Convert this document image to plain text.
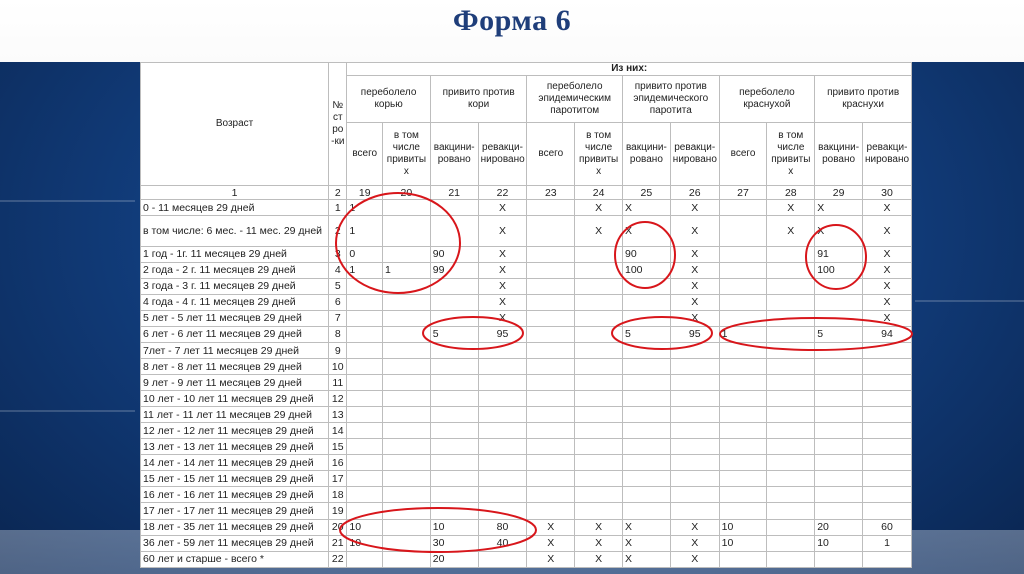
Форма 6
Возраст	№ стро-ки	Из них:											
		переболело корью		привито против кори		переболело эпидемическим паротитом		привито против эпидемического паротита		переболело краснухой		привито против краснухи	
		всего	в том числе привиты х	вакцини-ровано	ревакци-нировано	всего	в том числе привиты х	вакцини-ровано	ревакци-нировано	всего	в том числе привиты х	вакцини-ровано	ревакци-нировано
1	2	19	20	21	22	23	24	25	26	27	28	29	30
0 - 11 месяцев 29 дней	1	1			Х		Х	Х	Х		Х	Х	Х
в том числе: 6 мес. - 11 мес. 29 дней	2	1			Х		Х	Х	Х		Х	Х	Х
1 год - 1г. 11 месяцев 29 дней	3	0		90	Х			90	Х			91	Х
2 года - 2 г. 11 месяцев 29 дней	4	1	1	99	Х			100	Х			100	Х
3 года - 3 г. 11 месяцев 29 дней	5				Х				Х				Х
4 года - 4 г. 11 месяцев 29 дней	6				Х				Х				Х
5 лет - 5 лет 11 месяцев 29 дней	7				Х				Х				Х
6 лет - 6 лет 11 месяцев 29 дней	8			5	95			5	95	1		5	94
7лет - 7 лет 11 месяцев 29 дней	9												
8 лет - 8 лет 11 месяцев 29 дней	10												
9 лет - 9 лет 11 месяцев 29 дней	11												
10 лет - 10 лет 11 месяцев 29 дней	12												
11 лет - 11 лет 11 месяцев 29 дней	13												
12 лет - 12 лет 11 месяцев 29 дней	14												
13 лет - 13 лет 11 месяцев 29 дней	15												
14 лет - 14 лет 11 месяцев 29 дней	16												
15 лет - 15 лет 11 месяцев 29 дней	17												
16 лет - 16 лет 11 месяцев 29 дней	18												
17 лет - 17 лет 11 месяцев 29 дней	19												
18 лет - 35 лет 11 месяцев 29 дней	20	10		10	80	Х	Х	Х	Х	10		20	60
36 лет - 59 лет 11 месяцев 29 дней	21	10		30	40	Х	Х	Х	Х	10		10	1
60 лет и старше - всего *	22			20		Х	Х	Х	Х				
